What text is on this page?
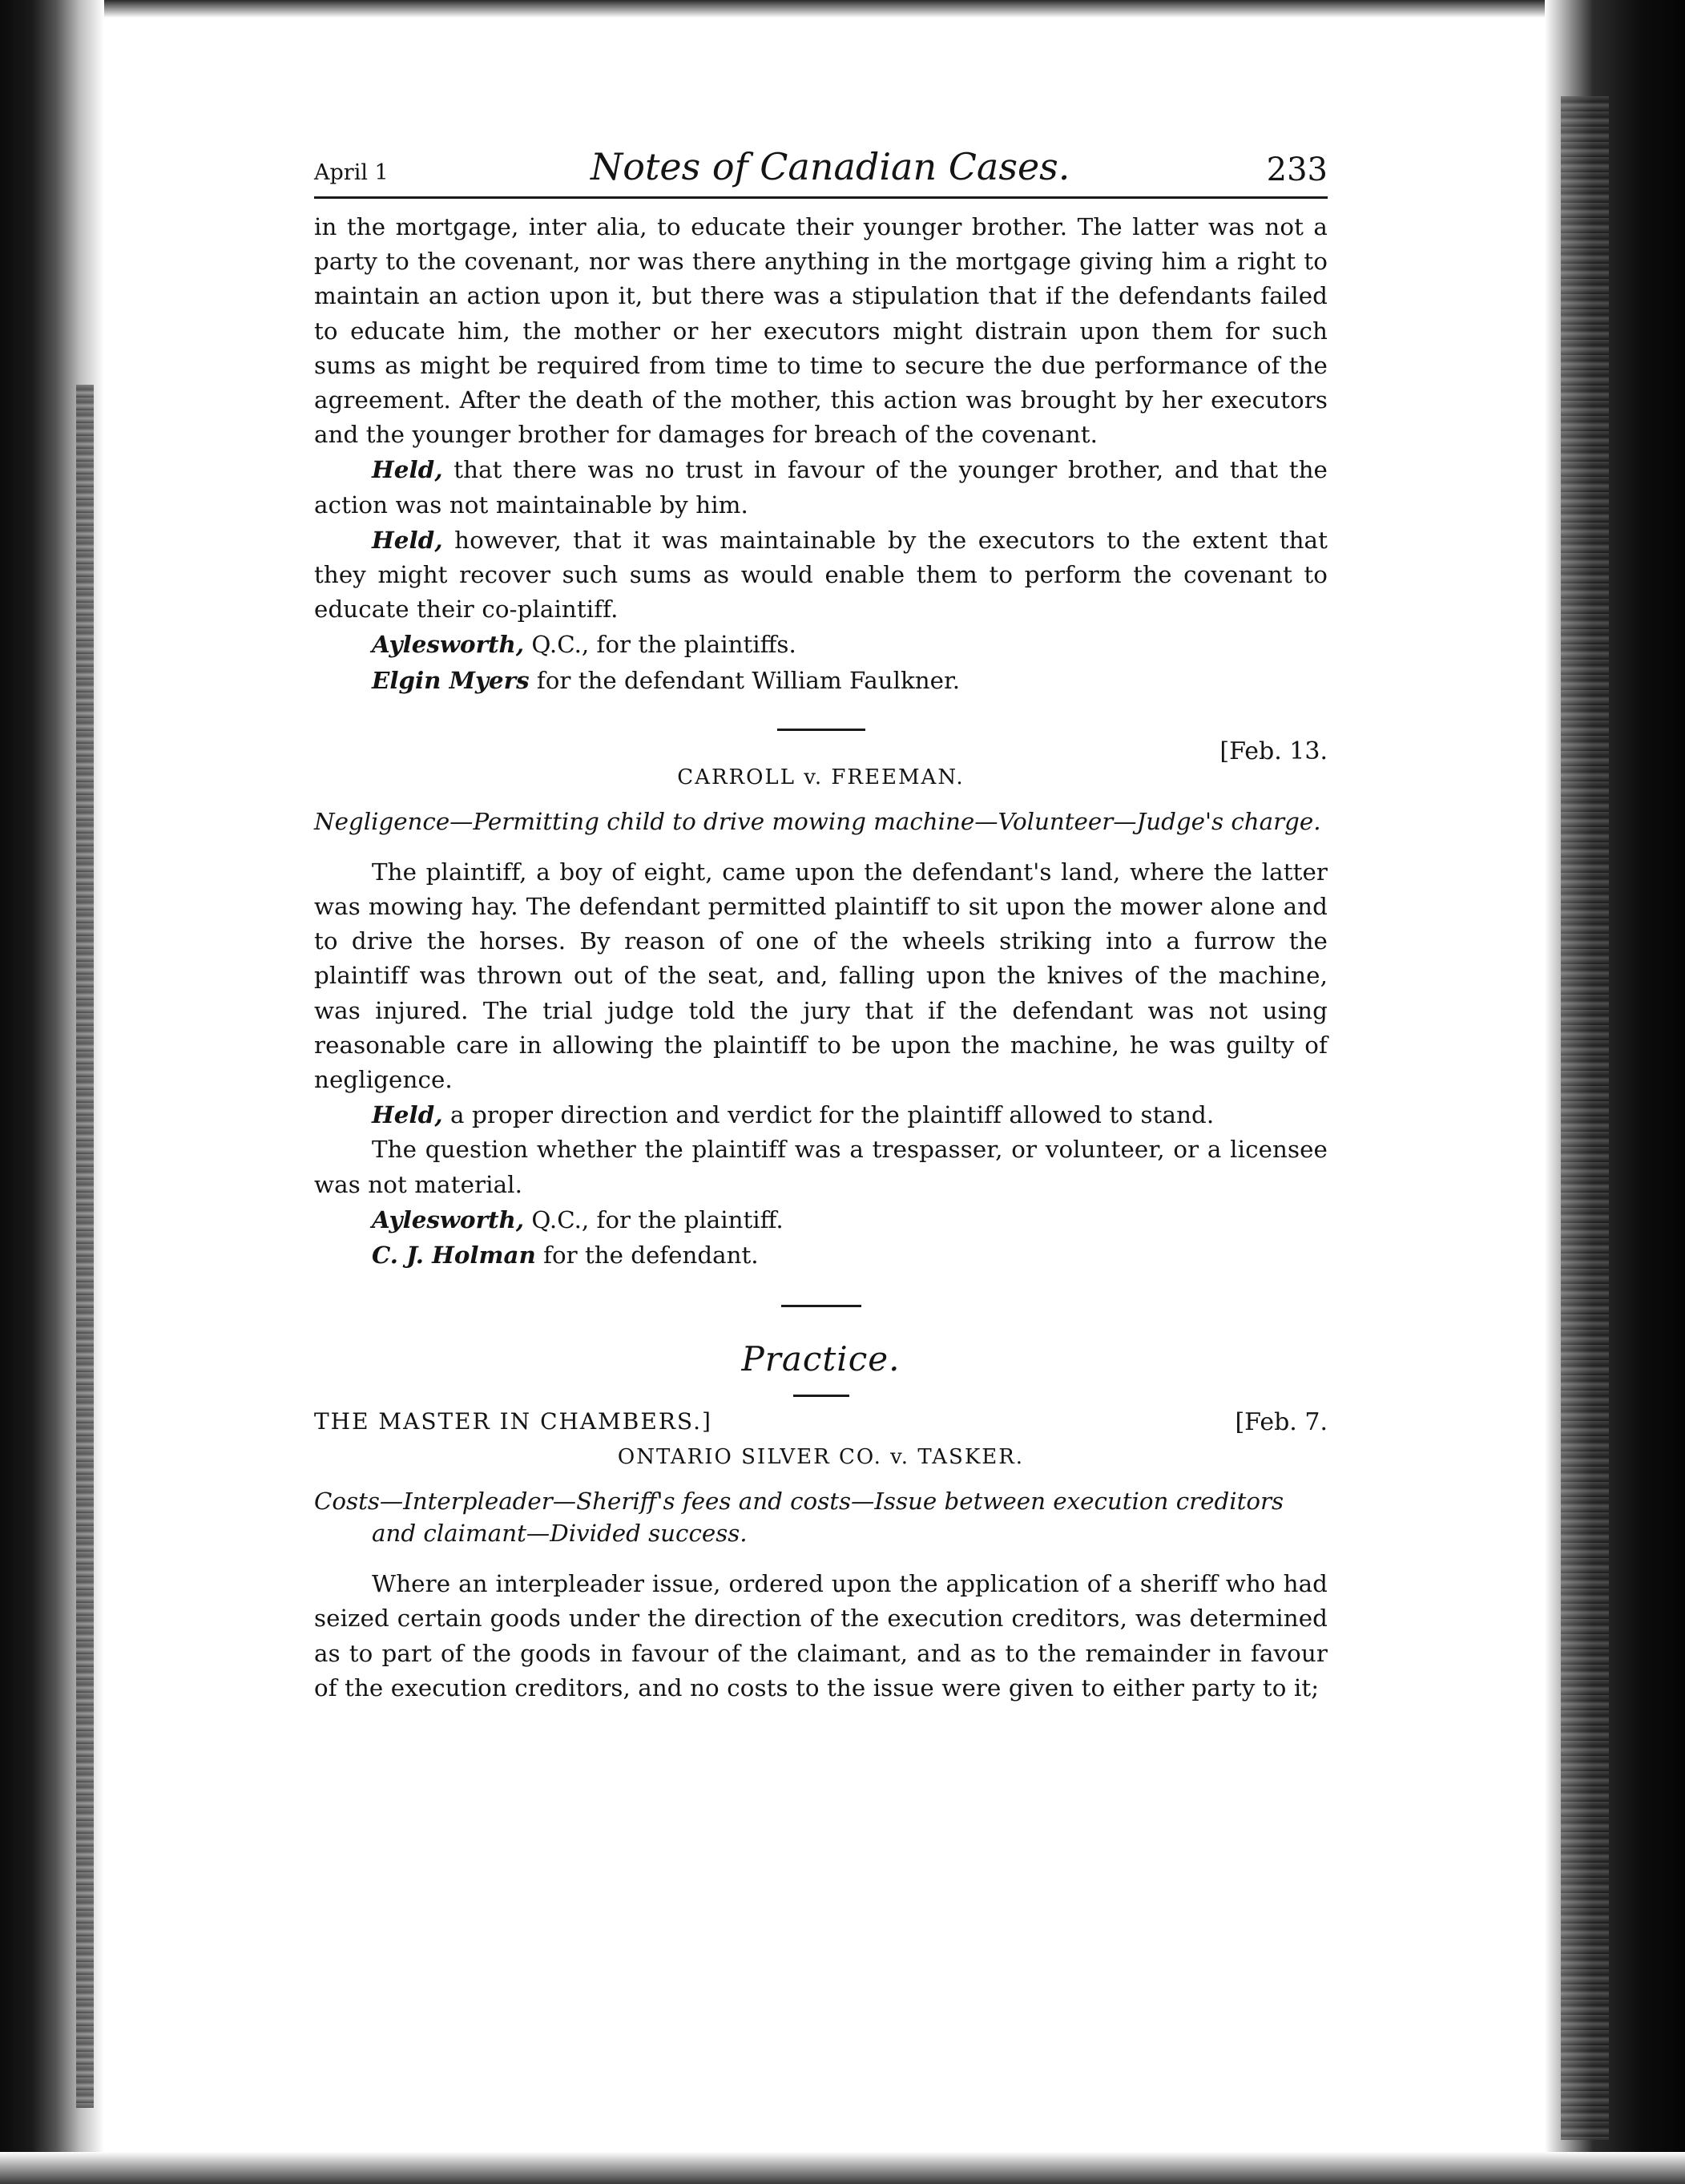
April 1	Notes of Canadian Cases.	233

in the mortgage, inter alia, to educate their younger brother. The latter was not a party to the covenant, nor was there anything in the mortgage giving him a right to maintain an action upon it, but there was a stipulation that if the defendants failed to educate him, the mother or her executors might distrain upon them for such sums as might be required from time to time to secure the due performance of the agreement. After the death of the mother, this action was brought by her executors and the younger brother for damages for breach of the covenant.

Held, that there was no trust in favour of the younger brother, and that the action was not maintainable by him.

Held, however, that it was maintainable by the executors to the extent that they might recover such sums as would enable them to perform the covenant to educate their co-plaintiff.

Aylesworth, Q.C., for the plaintiffs.

Elgin Myers for the defendant William Faulkner.

[Feb. 13.

CARROLL v. FREEMAN.

Negligence—Permitting child to drive mowing machine—Volunteer—Judge's charge.

The plaintiff, a boy of eight, came upon the defendant's land, where the latter was mowing hay. The defendant permitted plaintiff to sit upon the mower alone and to drive the horses. By reason of one of the wheels striking into a furrow the plaintiff was thrown out of the seat, and, falling upon the knives of the machine, was injured. The trial judge told the jury that if the defendant was not using reasonable care in allowing the plaintiff to be upon the machine, he was guilty of negligence.

Held, a proper direction and verdict for the plaintiff allowed to stand.

The question whether the plaintiff was a trespasser, or volunteer, or a licensee was not material.

Aylesworth, Q.C., for the plaintiff.

C. J. Holman for the defendant.

Practice.

THE MASTER IN CHAMBERS.]	[Feb. 7.

ONTARIO SILVER CO. v. TASKER.

Costs—Interpleader—Sheriff's fees and costs—Issue between execution creditors and claimant—Divided success.

Where an interpleader issue, ordered upon the application of a sheriff who had seized certain goods under the direction of the execution creditors, was determined as to part of the goods in favour of the claimant, and as to the remainder in favour of the execution creditors, and no costs to the issue were given to either party to it;
